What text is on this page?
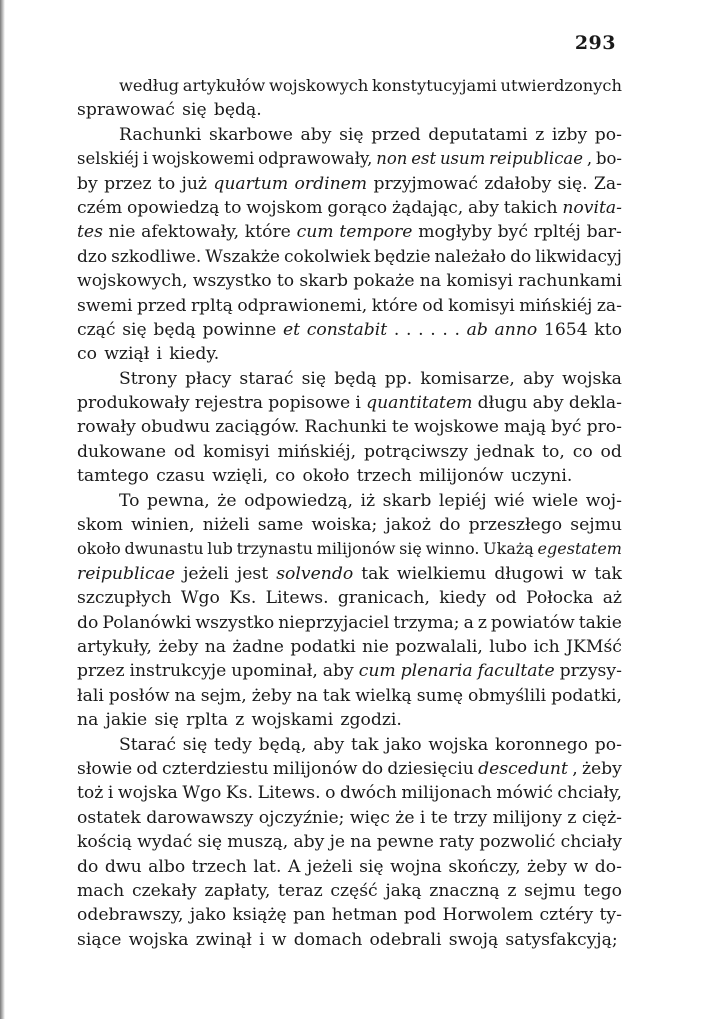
293
według artykułów wojskowych konstytucyjami utwierdzonych
sprawować się będą.
Rachunki skarbowe aby się przed deputatami z izby po-
selskiéj i wojskowemi odprawowały, non est usum reipublicae , bo-
by przez to już quartum ordinem przyjmować zdałoby się. Za-
czém opowiedzą to wojskom gorąco żądając, aby takich novita-
tes nie afektowały, które cum tempore mogłyby być rpltéj bar-
dzo szkodliwe. Wszakże cokolwiek będzie należało do likwidacyj
wojskowych, wszystko to skarb pokaże na komisyi rachunkami
swemi przed rpltą odprawionemi, które od komisyi mińskiéj za-
cząć się będą powinne et constabit . . . . . . ab anno 1654 kto
co wziął i kiedy.
Strony płacy starać się będą pp. komisarze, aby wojska
produkowały rejestra popisowe i quantitatem długu aby dekla-
rowały obudwu zaciągów. Rachunki te wojskowe mają być pro-
dukowane od komisyi mińskiéj, potrąciwszy jednak to, co od
tamtego czasu wzięli, co około trzech milijonów uczyni.
To pewna, że odpowiedzą, iż skarb lepiéj wié wiele woj-
skom winien, niżeli same woiska; jakoż do przeszłego sejmu
około dwunastu lub trzynastu milijonów się winno. Ukażą egestatem
reipublicae jeżeli jest solvendo tak wielkiemu długowi w tak
szczupłych Wgo Ks. Litews. granicach, kiedy od Połocka aż
do Polanówki wszystko nieprzyjaciel trzyma; a z powiatów takie
artykuły, żeby na żadne podatki nie pozwalali, lubo ich JKMść
przez instrukcyje upominał, aby cum plenaria facultate przysy-
łali posłów na sejm, żeby na tak wielką sumę obmyślili podatki,
na jakie się rplta z wojskami zgodzi.
Starać się tedy będą, aby tak jako wojska koronnego po-
słowie od czterdziestu milijonów do dziesięciu descedunt , żeby
toż i wojska Wgo Ks. Litews. o dwóch milijonach mówić chciały,
ostatek darowawszy ojczyźnie; więc że i te trzy milijony z cięż-
kością wydać się muszą, aby je na pewne raty pozwolić chciały
do dwu albo trzech lat. A jeżeli się wojna skończy, żeby w do-
mach czekały zapłaty, teraz część jaką znaczną z sejmu tego
odebrawszy, jako książę pan hetman pod Horwolem cztéry ty-
siące wojska zwinął i w domach odebrali swoją satysfakcyją;
